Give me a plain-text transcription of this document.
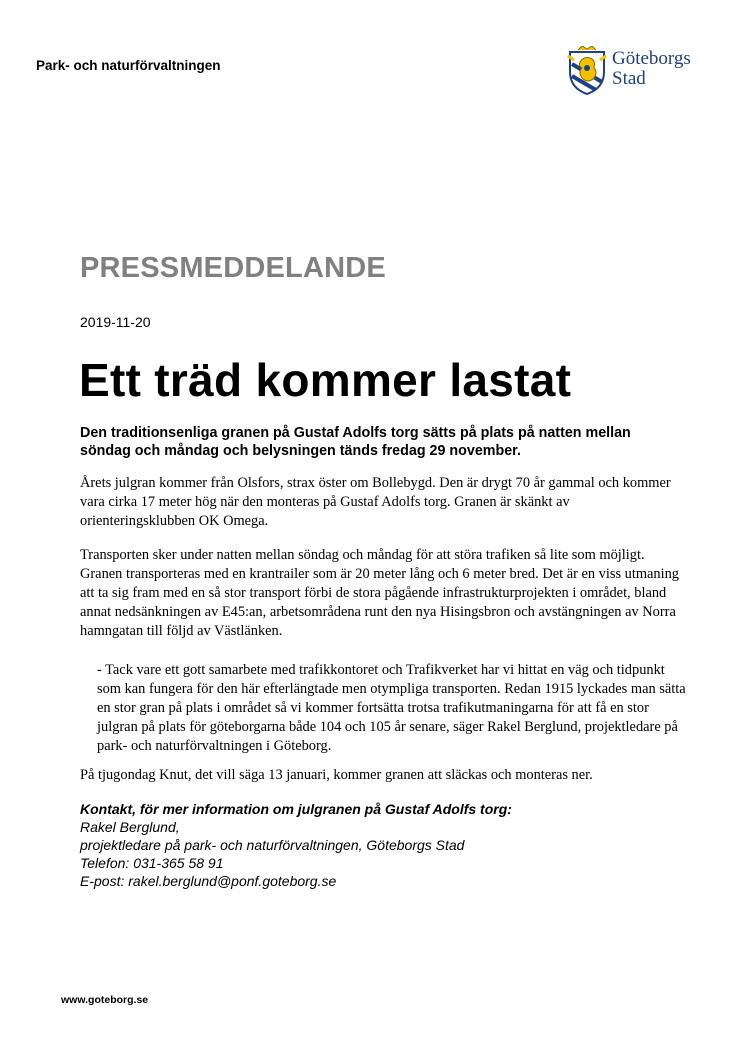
Park- och naturförvaltningen	Göteborgs
Stad
PRESSMEDDELANDE
2019-11-20
Ett träd kommer lastat
Den traditionsenliga granen på Gustaf Adolfs torg sätts på plats på natten mellan söndag och måndag och belysningen tänds fredag 29 november.
Årets julgran kommer från Olsfors, strax öster om Bollebygd. Den är drygt 70 år gammal och kommer vara cirka 17 meter hög när den monteras på Gustaf Adolfs torg. Granen är skänkt av orienteringsklubben OK Omega.
Transporten sker under natten mellan söndag och måndag för att störa trafiken så lite som möjligt. Granen transporteras med en krantrailer som är 20 meter lång och 6 meter bred. Det är en viss utmaning att ta sig fram med en så stor transport förbi de stora pågående infrastrukturprojekten i området, bland annat nedsänkningen av E45:an, arbetsområdena runt den nya Hisingsbron och avstängningen av Norra hamngatan till följd av Västlänken.
- Tack vare ett gott samarbete med trafikkontoret och Trafikverket har vi hittat en väg och tidpunkt som kan fungera för den här efterlängtade men otympliga transporten. Redan 1915 lyckades man sätta en stor gran på plats i området så vi kommer fortsätta trotsa trafikutmaningarna för att få en stor julgran på plats för göteborgarna både 104 och 105 år senare, säger Rakel Berglund, projektledare på park- och naturförvaltningen i Göteborg.
På tjugondag Knut, det vill säga 13 januari, kommer granen att släckas och monteras ner.
Kontakt, för mer information om julgranen på Gustaf Adolfs torg:
Rakel Berglund,
projektledare på park- och naturförvaltningen, Göteborgs Stad
Telefon: 031-365 58 91
E-post: rakel.berglund@ponf.goteborg.se
www.goteborg.se
